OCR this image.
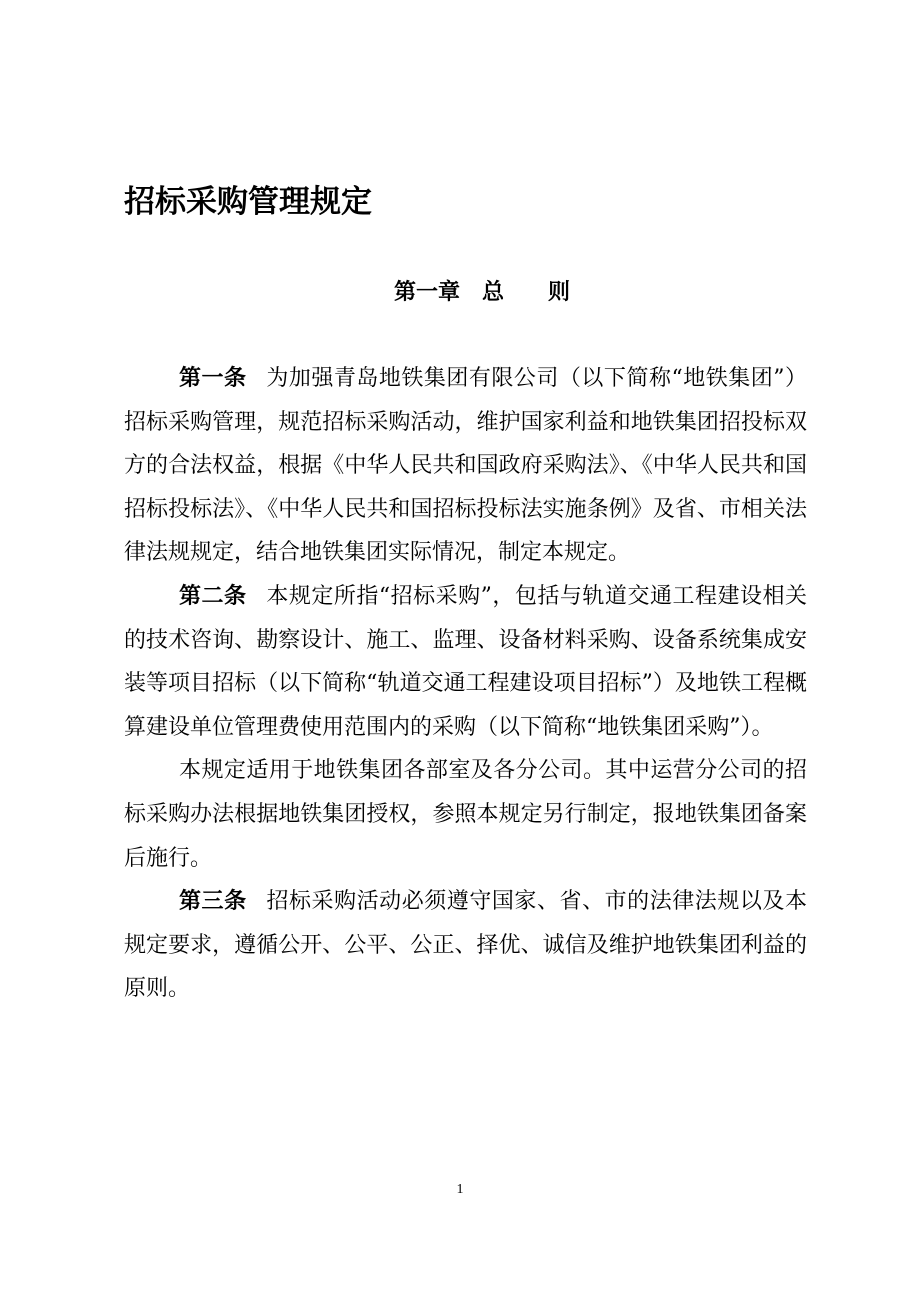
招标采购管理规定
第一章　总　　则

第一条 为加强青岛地铁集团有限公司（以下简称“地铁集团”）招标采购管理，规范招标采购活动，维护国家利益和地铁集团招投标双方的合法权益，根据《中华人民共和国政府采购法》、《中华人民共和国招标投标法》、《中华人民共和国招标投标法实施条例》及省、市相关法律法规规定，结合地铁集团实际情况，制定本规定。

第二条 本规定所指“招标采购”，包括与轨道交通工程建设相关的技术咨询、勘察设计、施工、监理、设备材料采购、设备系统集成安装等项目招标（以下简称“轨道交通工程建设项目招标”）及地铁工程概算建设单位管理费使用范围内的采购（以下简称“地铁集团采购”）。

本规定适用于地铁集团各部室及各分公司。其中运营分公司的招标采购办法根据地铁集团授权，参照本规定另行制定，报地铁集团备案后施行。

第三条 招标采购活动必须遵守国家、省、市的法律法规以及本规定要求，遵循公开、公平、公正、择优、诚信及维护地铁集团利益的原则。

1
